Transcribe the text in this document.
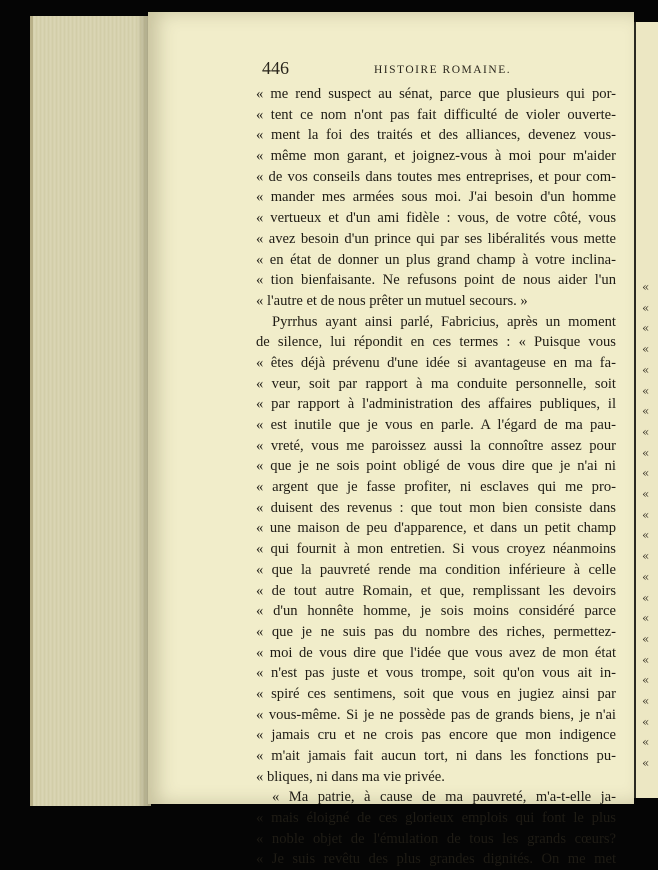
«
«
«
«
«
«
«
«
«
«
«
«
«
«
«
«
«
«
«
«
«
«
«
«
446	HISTOIRE ROMAINE.
« me rend suspect au sénat, parce que plusieurs qui por-
« tent ce nom n'ont pas fait difficulté de violer ouverte-
« ment la foi des traités et des alliances, devenez vous-
« même mon garant, et joignez-vous à moi pour m'aider
« de vos conseils dans toutes mes entreprises, et pour com-
« mander mes armées sous moi. J'ai besoin d'un homme
« vertueux et d'un ami fidèle : vous, de votre côté, vous
« avez besoin d'un prince qui par ses libéralités vous mette
« en état de donner un plus grand champ à votre inclina-
« tion bienfaisante. Ne refusons point de nous aider l'un
« l'autre et de nous prêter un mutuel secours. »
Pyrrhus ayant ainsi parlé, Fabricius, après un moment
de silence, lui répondit en ces termes : « Puisque vous
« êtes déjà prévenu d'une idée si avantageuse en ma fa-
« veur, soit par rapport à ma conduite personnelle, soit
« par rapport à l'administration des affaires publiques, il
« est inutile que je vous en parle. A l'égard de ma pau-
« vreté, vous me paroissez aussi la connoître assez pour
« que je ne sois point obligé de vous dire que je n'ai ni
« argent que je fasse profiter, ni esclaves qui me pro-
« duisent des revenus : que tout mon bien consiste dans
« une maison de peu d'apparence, et dans un petit champ
« qui fournit à mon entretien. Si vous croyez néanmoins
« que la pauvreté rende ma condition inférieure à celle
« de tout autre Romain, et que, remplissant les devoirs
« d'un honnête homme, je sois moins considéré parce
« que je ne suis pas du nombre des riches, permettez-
« moi de vous dire que l'idée que vous avez de mon état
« n'est pas juste et vous trompe, soit qu'on vous ait in-
« spiré ces sentimens, soit que vous en jugiez ainsi par
« vous-même. Si je ne possède pas de grands biens, je n'ai
« jamais cru et ne crois pas encore que mon indigence
« m'ait jamais fait aucun tort, ni dans les fonctions pu-
« bliques, ni dans ma vie privée.
« Ma patrie, à cause de ma pauvreté, m'a-t-elle ja-
« mais éloigné de ces glorieux emplois qui font le plus
« noble objet de l'émulation de tous les grands cœurs?
« Je suis revêtu des plus grandes dignités. On me met
